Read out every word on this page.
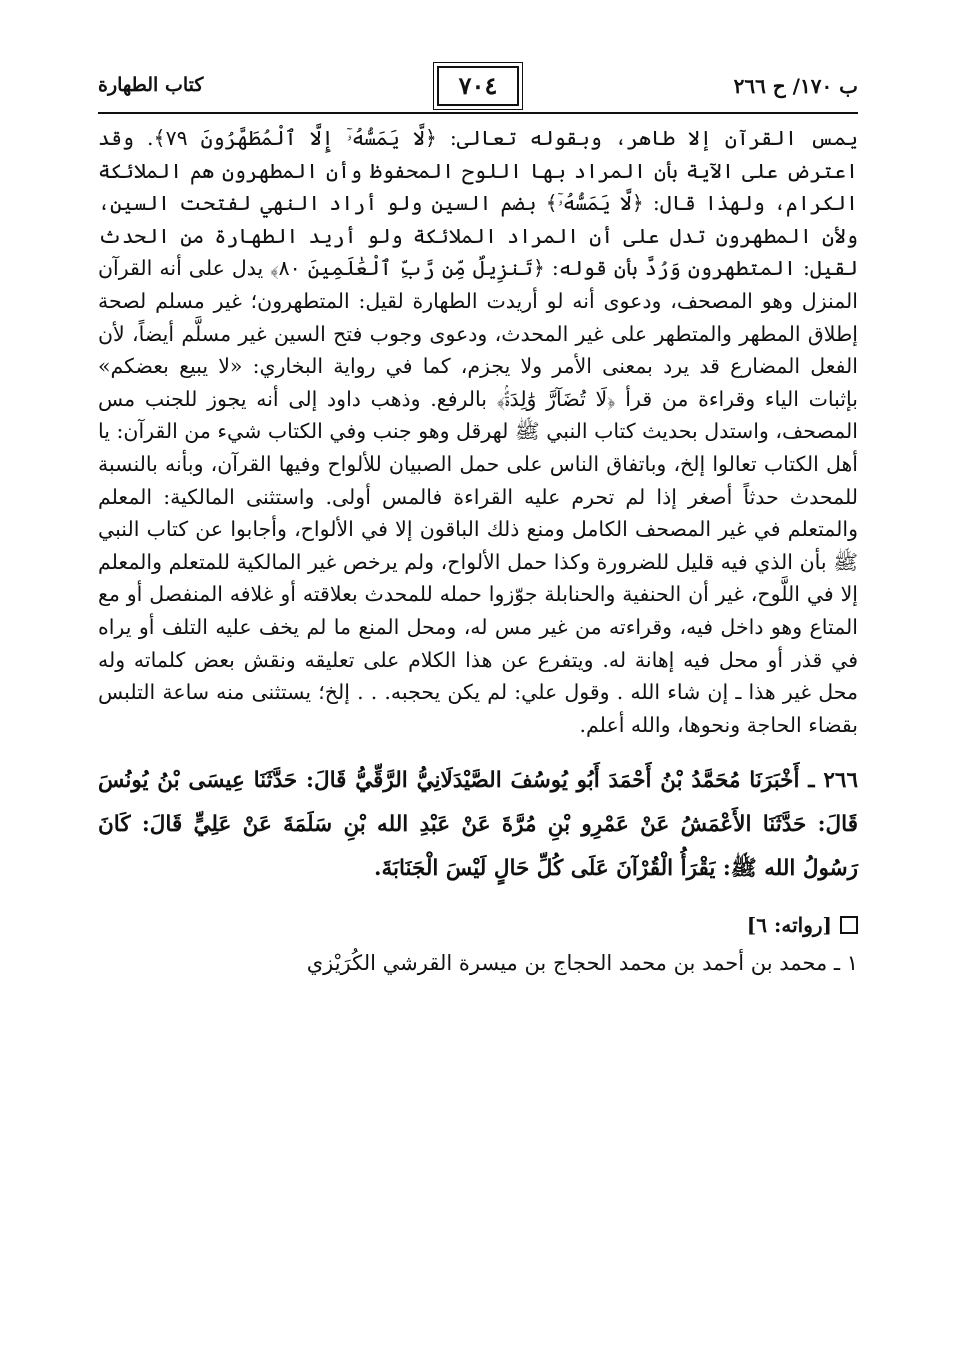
ب ١٧٠/ ح ٢٦٦
٧٠٤
كتاب الطهارة

يمس القرآن إلا طاهر، وبقوله تعالى: ﴿لَّا يَمَسُّهُۥٓ إِلَّا ٱلْمُطَهَّرُونَ ٧٩﴾. وقد اعترض على الآية بأن المراد بها اللوح المحفوظ وأن المطهرون هم الملائكة الكرام، ولهذا قال: ﴿لَّا يَمَسُّهُۥٓ﴾ بضم السين ولو أراد النهي لفتحت السين، ولأن المطهرون تدل على أن المراد الملائكة ولو أريد الطهارة من الحدث لقيل: المتطهرون وَرُدَّ بأن قوله: ﴿تَنزِيلٌ مِّن رَّبِّ ٱلْعَٰلَمِينَ ٨٠﴾ يدل على أنه القرآن المنزل وهو المصحف، ودعوى أنه لو أريدت الطهارة لقيل: المتطهرون؛ غير مسلم لصحة إطلاق المطهر والمتطهر على غير المحدث، ودعوى وجوب فتح السين غير مسلَّم أيضاً، لأن الفعل المضارع قد يرد بمعنى الأمر ولا يجزم، كما في رواية البخاري: «لا يبيع بعضكم» بإثبات الياء وقراءة من قرأ ﴿لَا تُضَآرَّ وَٰلِدَةٌۢ﴾ بالرفع. وذهب داود إلى أنه يجوز للجنب مس المصحف، واستدل بحديث كتاب النبي ﷺ لهرقل وهو جنب وفي الكتاب شيء من القرآن: يا أهل الكتاب تعالوا إلخ، وباتفاق الناس على حمل الصبيان للألواح وفيها القرآن، وبأنه بالنسبة للمحدث حدثاً أصغر إذا لم تحرم عليه القراءة فالمس أولى. واستثنى المالكية: المعلم والمتعلم في غير المصحف الكامل ومنع ذلك الباقون إلا في الألواح، وأجابوا عن كتاب النبي ﷺ بأن الذي فيه قليل للضرورة وكذا حمل الألواح، ولم يرخص غير المالكية للمتعلم والمعلم إلا في اللَّوح، غير أن الحنفية والحنابلة جوّزوا حمله للمحدث بعلاقته أو غلافه المنفصل أو مع المتاع وهو داخل فيه، وقراءته من غير مس له، ومحل المنع ما لم يخف عليه التلف أو يراه في قذر أو محل فيه إهانة له. ويتفرع عن هذا الكلام على تعليقه ونقش بعض كلماته وله محل غير هذا ـ إن شاء الله . وقول علي: لم يكن يحجبه. . . إلخ؛ يستثنى منه ساعة التلبس بقضاء الحاجة ونحوها، والله أعلم.

٢٦٦ ـ أَخْبَرَنَا مُحَمَّدُ بْنُ أَحْمَدَ أَبُو يُوسُفَ الصَّيْدَلَانِيُّ الرَّقِّيُّ قَالَ: حَدَّثَنَا عِيسَى بْنُ يُونُسَ قَالَ: حَدَّثَنَا الأَعْمَشُ عَنْ عَمْرِو بْنِ مُرَّةَ عَنْ عَبْدِ الله بْنِ سَلَمَةَ عَنْ عَلِيٍّ قَالَ: كَانَ رَسُولُ الله ﷺ: يَقْرَأُ الْقُرْآنَ عَلَى كُلِّ حَالٍ لَيْسَ الْجَنَابَةَ.
[رواته: ٦]
١ ـ محمد بن أحمد بن محمد الحجاج بن ميسرة القرشي الكُرَيْزي
